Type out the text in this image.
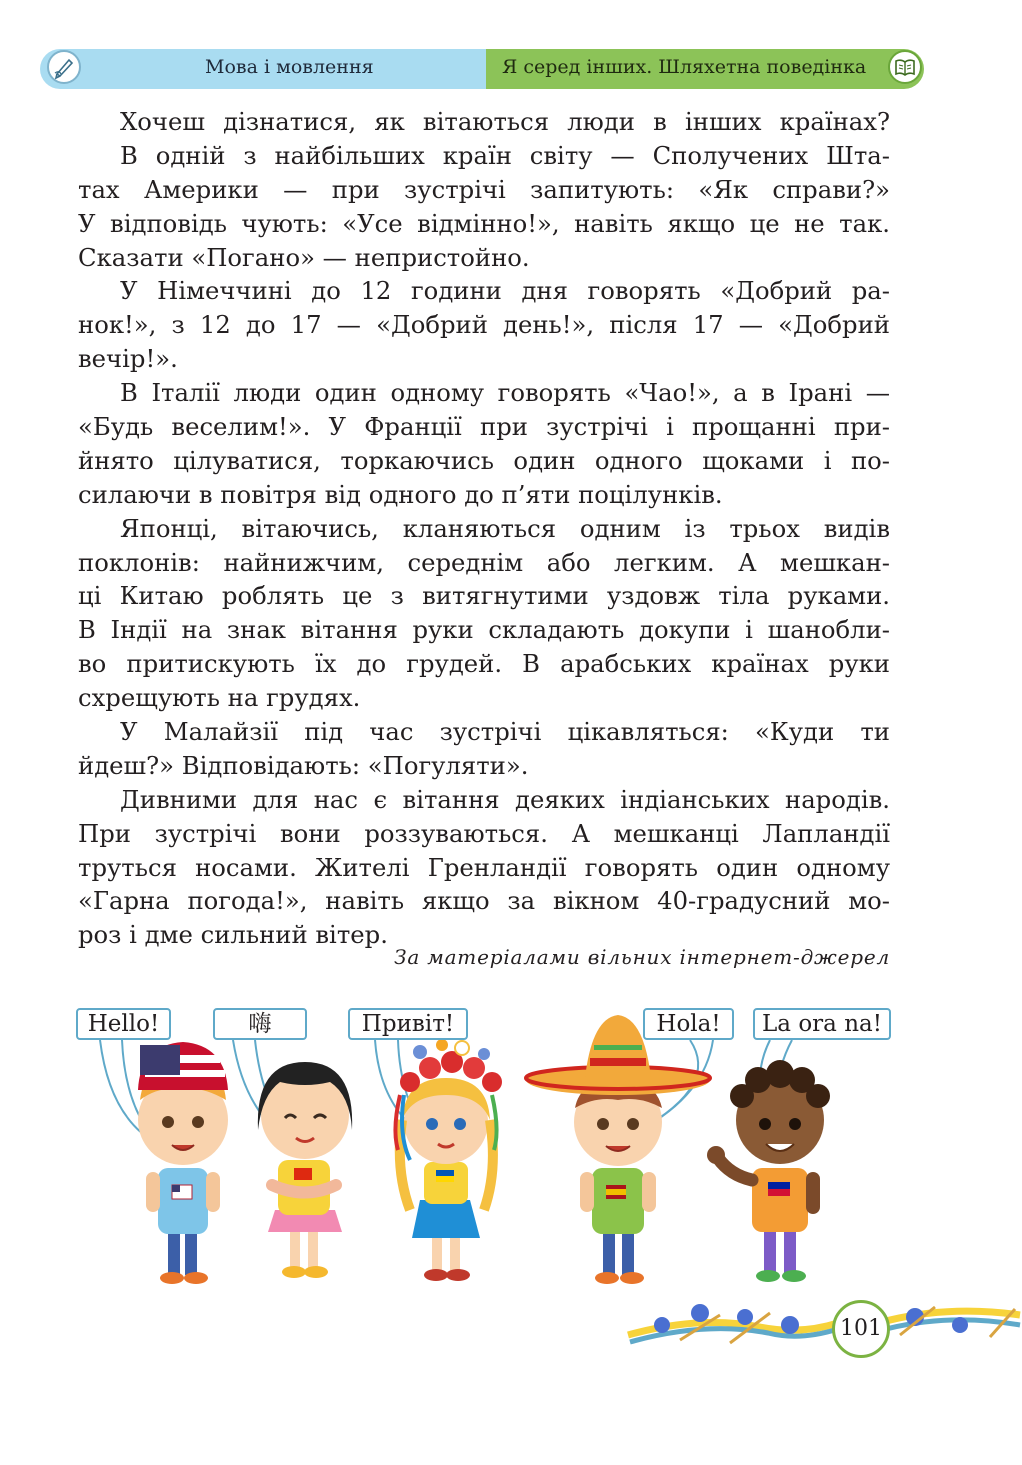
Мова і мовлення	Я серед інших. Шляхетна поведінка
Хочеш дізнатися, як вітаються люди в інших країнах?
В одній з найбільших країн світу — Сполучених Шта-
тах Америки — при зустрічі запитують: «Як справи?»
У відповідь чують: «Усе відмінно!», навіть якщо це не так.
Сказати «Погано» — непристойно.
У Німеччині до 12 години дня говорять «Добрий ра-
нок!», з 12 до 17 — «Добрий день!», після 17 — «Добрий
вечір!».
В Італії люди один одному говорять «Чао!», а в Ірані —
«Будь веселим!». У Франції при зустрічі і прощанні при-
йнято цілуватися, торкаючись один одного щоками і по-
силаючи в повітря від одного до п’яти поцілунків.
Японці, вітаючись, кланяються одним із трьох видів
поклонів: найнижчим, середнім або легким. А мешкан-
ці Китаю роблять це з витягнутими уздовж тіла руками.
В Індії на знак вітання руки складають докупи і шанобли-
во притискують їх до грудей. В арабських країнах руки
схрещують на грудях.
У Малайзії під час зустрічі цікавляться: «Куди ти
йдеш?» Відповідають: «Погуляти».
Дивними для нас є вітання деяких індіанських народів.
При зустрічі вони роззуваються. А мешканці Лапландії
труться носами. Жителі Гренландії говорять один одному
«Гарна погода!», навіть якщо за вікном 40-градусний мо-
роз і дме сильний вітер.
За матеріалами вільних інтернет-джерел
Hello!	嗨	Привіт!	Hola!	La ora na!
101
